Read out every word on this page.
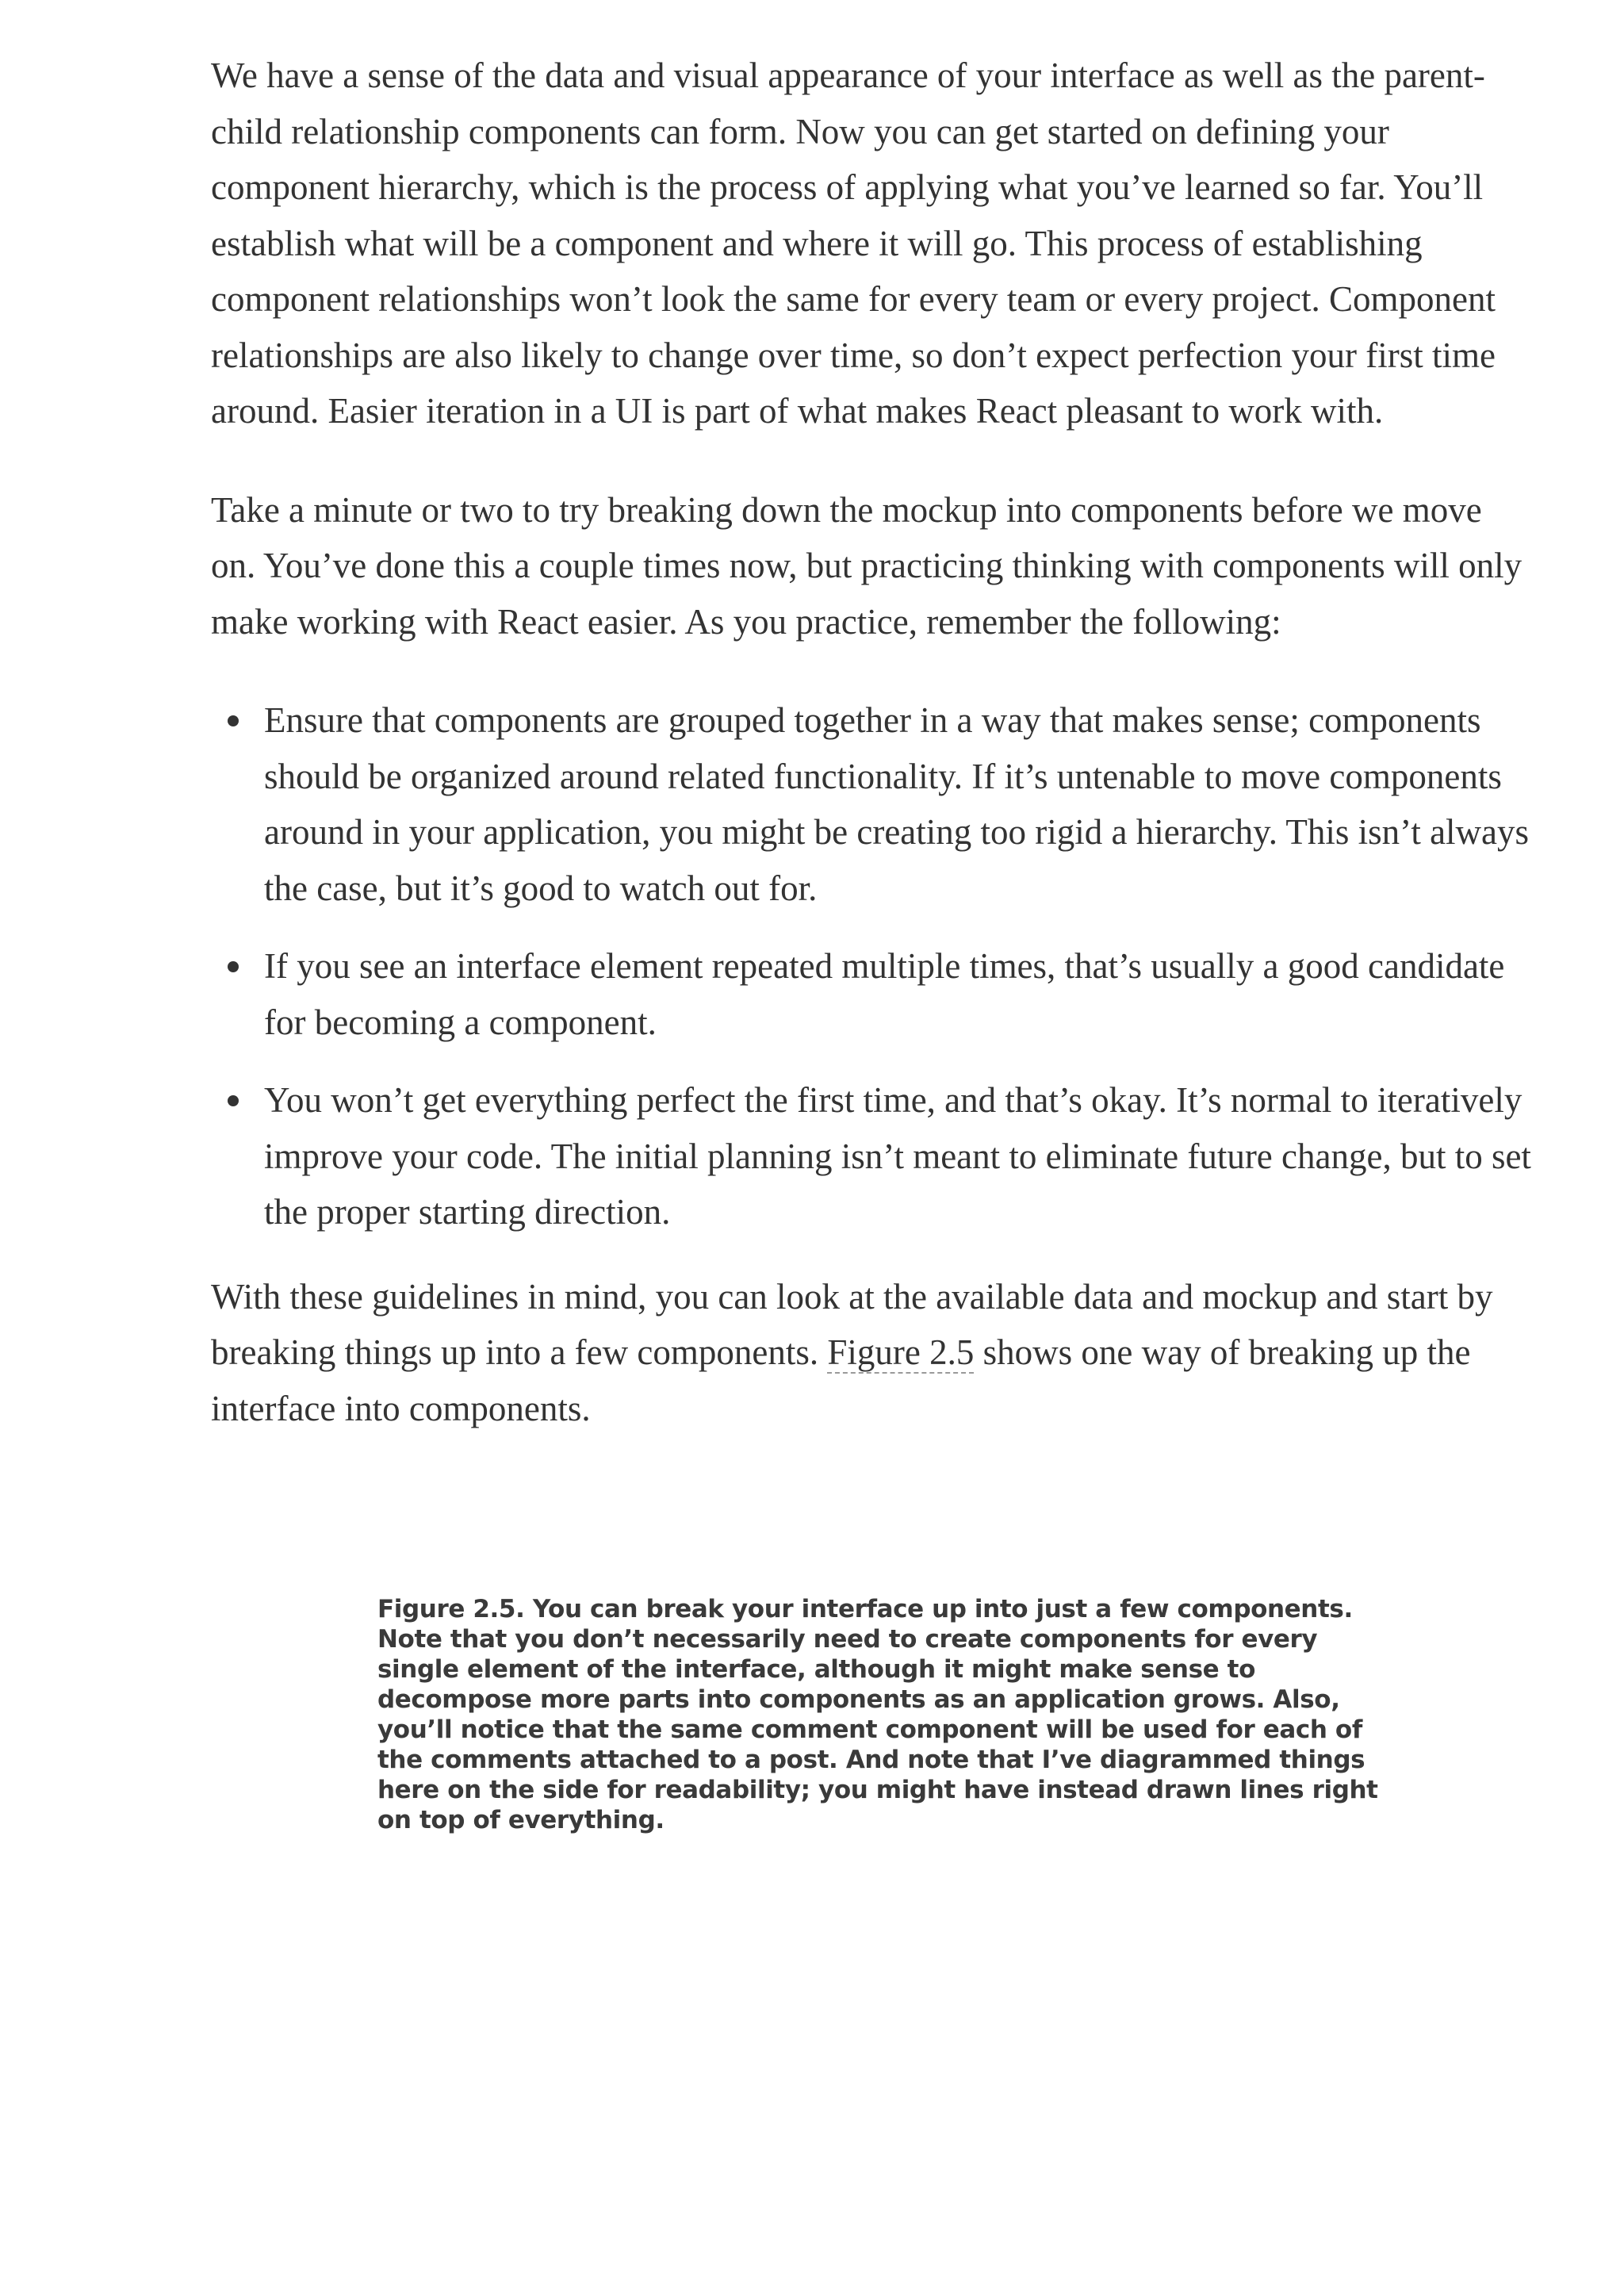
We have a sense of the data and visual appearance of your interface as well as the parent-child relationship components can form. Now you can get started on defining your component hierarchy, which is the process of applying what you’ve learned so far. You’ll establish what will be a component and where it will go. This process of establishing component relationships won’t look the same for every team or every project. Component relationships are also likely to change over time, so don’t expect perfection your first time around. Easier iteration in a UI is part of what makes React pleasant to work with.

Take a minute or two to try breaking down the mockup into components before we move on. You’ve done this a couple times now, but practicing thinking with components will only make working with React easier. As you practice, remember the following:

Ensure that components are grouped together in a way that makes sense; components should be organized around related functionality. If it’s untenable to move components around in your application, you might be creating too rigid a hierarchy. This isn’t always the case, but it’s good to watch out for.
If you see an interface element repeated multiple times, that’s usually a good candidate for becoming a component.
You won’t get everything perfect the first time, and that’s okay. It’s normal to iteratively improve your code. The initial planning isn’t meant to eliminate future change, but to set the proper starting direction.

With these guidelines in mind, you can look at the available data and mockup and start by breaking things up into a few components. Figure 2.5 shows one way of breaking up the interface into components.

Figure 2.5. You can break your interface up into just a few components. Note that you don’t necessarily need to create components for every single element of the interface, although it might make sense to decompose more parts into components as an application grows. Also, you’ll notice that the same comment component will be used for each of the comments attached to a post. And note that I’ve diagrammed things here on the side for readability; you might have instead drawn lines right on top of everything.
